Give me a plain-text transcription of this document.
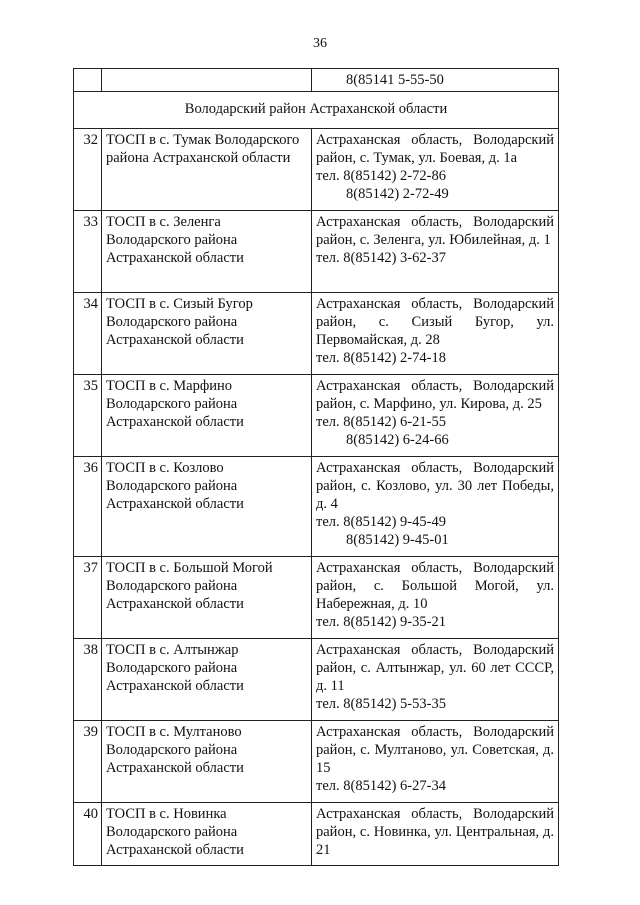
36

		8(85141 5-55-50

Володарский район Астраханской области		
32	ТОСП в с. Тумак Володарского
района Астраханской области	Астраханская область, Володарский район, с. Тумак, ул. Боевая, д. 1а
тел. 8(85142) 2-72-86
8(85142) 2-72-49

33	ТОСП в с. Зеленга
Володарского района
Астраханской области	Астраханская область, Володарский район, с. Зеленга, ул. Юбилейная, д. 1
тел. 8(85142) 3-62-37

34	ТОСП в с. Сизый Бугор
Володарского района
Астраханской области	Астраханская область, Володарский район, с. Сизый Бугор, ул. Первомайская, д. 28
тел. 8(85142) 2-74-18

35	ТОСП в с. Марфино
Володарского района
Астраханской области	Астраханская область, Володарский район, с. Марфино, ул. Кирова, д. 25
тел. 8(85142) 6-21-55
8(85142) 6-24-66

36	ТОСП в с. Козлово
Володарского района
Астраханской области	Астраханская область, Володарский район, с. Козлово, ул. 30 лет Победы, д. 4
тел. 8(85142) 9-45-49
8(85142) 9-45-01

37	ТОСП в с. Большой Могой
Володарского района
Астраханской области	Астраханская область, Володарский район, с. Большой Могой, ул. Набережная, д. 10
тел. 8(85142) 9-35-21

38	ТОСП в с. Алтынжар
Володарского района
Астраханской области	Астраханская область, Володарский район, с. Алтынжар, ул. 60 лет СССР, д. 11
тел. 8(85142) 5-53-35

39	ТОСП в с. Мултаново
Володарского района
Астраханской области	Астраханская область, Володарский район, с. Мултаново, ул. Советская, д. 15
тел. 8(85142) 6-27-34

40	ТОСП в с. Новинка
Володарского района
Астраханской области	Астраханская область, Володарский район, с. Новинка, ул. Центральная, д. 21
